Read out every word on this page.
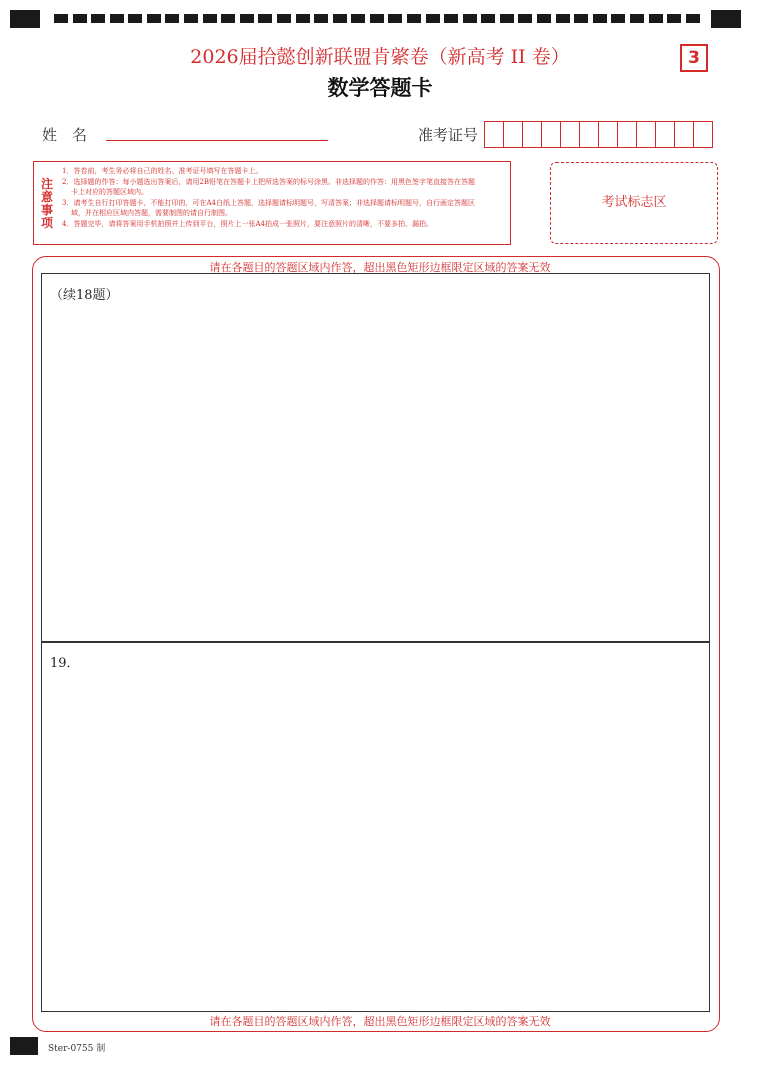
2026届拾懿创新联盟肯綮卷（新高考 II 卷）
数学答题卡
3
姓　名	准考证号
注意事项
1．答卷前，考生务必将自己的姓名、准考证号填写在答题卡上。
2．选择题的作答：每小题选出答案后，请用2B铅笔在答题卡上把所选答案的标号涂黑。非选择题的作答：用黑色签字笔直接答在答题
卡上对应的答题区域内。
3．请考生自行打印答题卡，不能打印的，可在A4白纸上答题，选择题请标明题号，写清答案；非选择题请标明题号，自行画定答题区
域，并在相应区域内答题，需要制图的请自行制图。
4．答题完毕，请将答案用手机拍照并上传到平台，照片上一张A4拍成一张照片，要注意照片的清晰，不要多拍、漏拍。
考试标志区
请在各题目的答题区域内作答，超出黑色矩形边框限定区域的答案无效
（续18题）
19．
请在各题目的答题区域内作答，超出黑色矩形边框限定区域的答案无效
Ster-0755 制
